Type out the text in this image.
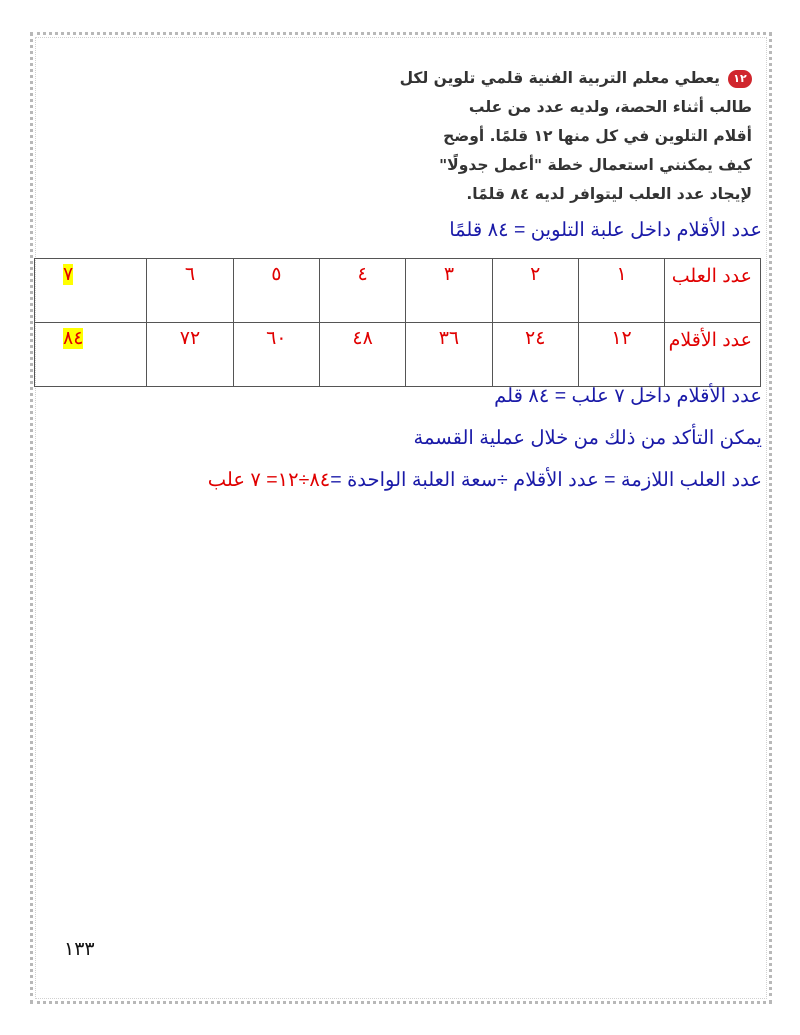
١٢يعطي معلم التربية الفنية قلمي تلوين لكل
طالب أثناء الحصة، ولديه عدد من علب
أقلام التلوين في كل منها ١٢ قلمًا. أوضح
كيف يمكنني استعمال خطة "أعمل جدولًا"
لإيجاد عدد العلب ليتوافر لديه ٨٤ قلمًا.
عدد الأقلام داخل علبة التلوين = ٨٤ قلمًا
عدد العلب	١	٢	٣	٤	٥	٦	٧
عدد الأقلام	١٢	٢٤	٣٦	٤٨	٦٠	٧٢	٨٤
عدد الأقلام داخل ٧ علب = ٨٤ قلم
يمكن التأكد من ذلك من خلال عملية القسمة
عدد العلب اللازمة = عدد الأقلام ÷سعة العلبة الواحدة =٨٤÷١٢= ٧ علب
١٣٣
